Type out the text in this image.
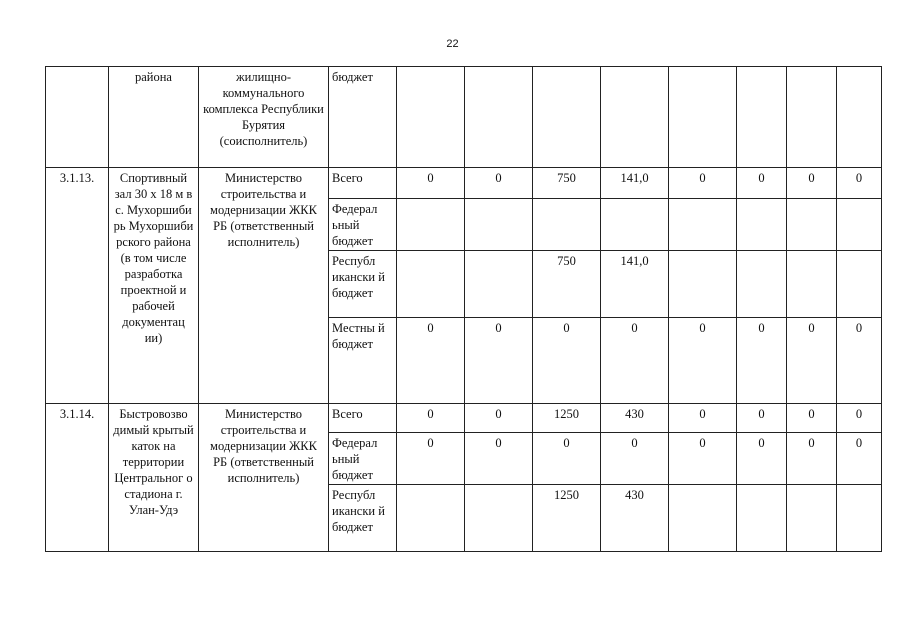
22
	района	жилищно-коммунального комплекса Республики Бурятия (соисполнитель)	бюджет								
3.1.13.	Спортивный зал 30 х 18 м в с. Мухоршиби рь Мухоршиби рского района (в том числе разработка проектной и рабочей документац ии)	Министерство строительства и модернизации ЖКК РБ (ответственный исполнитель)	Всего	0	0	750	141,0	0	0	0	0
			Федерал ьный бюджет								
			Республ икански й бюджет			750	141,0				
			Местны й бюджет	0	0	0	0	0	0	0	0
3.1.14.	Быстровозво димый крытый каток на территории Центральног о стадиона г. Улан-Удэ	Министерство строительства и модернизации ЖКК РБ (ответственный исполнитель)	Всего	0	0	1250	430	0	0	0	0
			Федерал ьный бюджет	0	0	0	0	0	0	0	0
			Республ икански й бюджет			1250	430				
